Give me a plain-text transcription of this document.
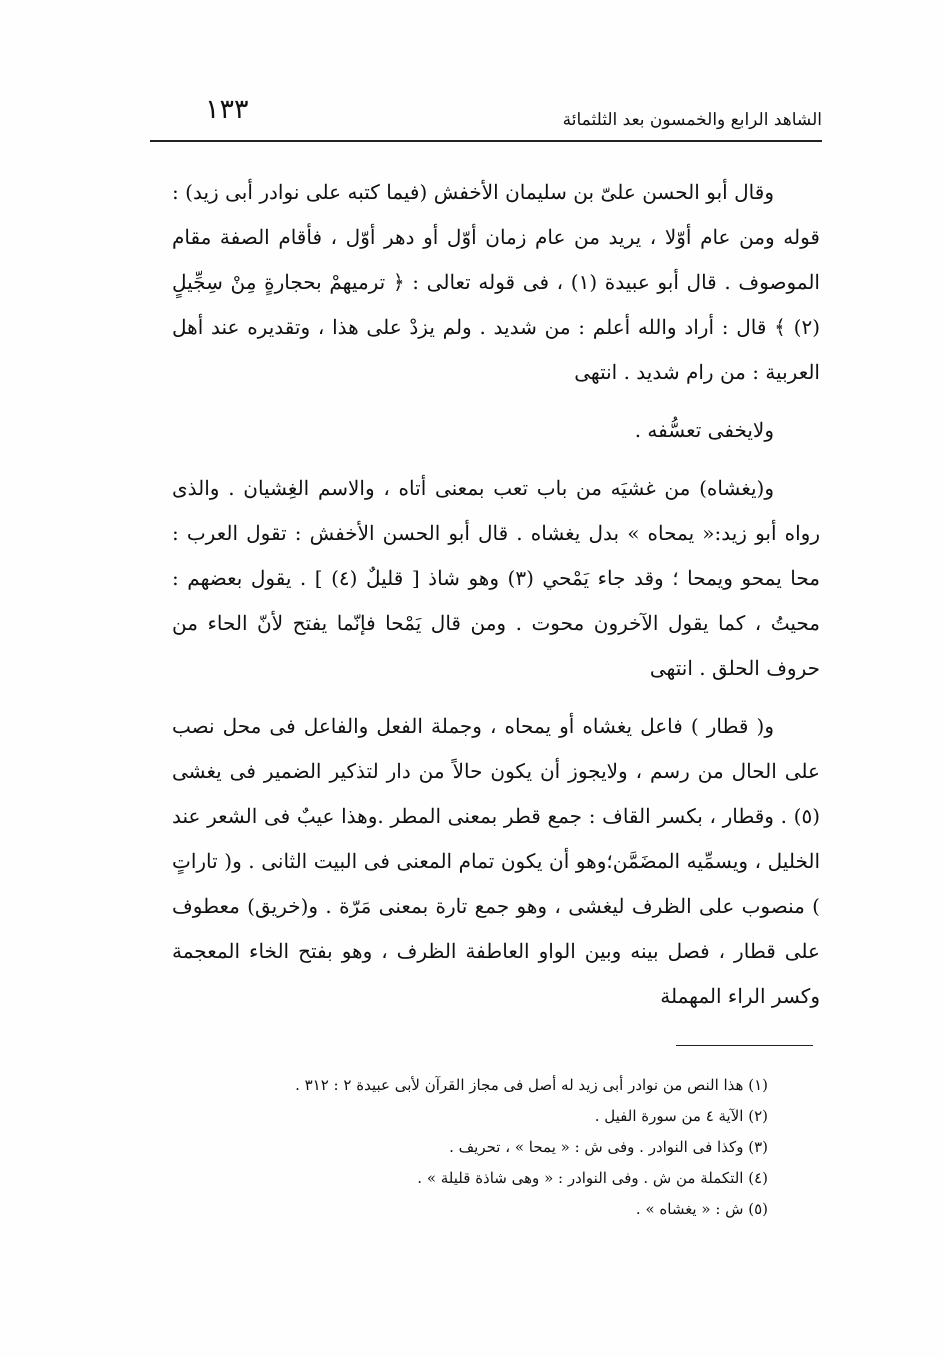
الشاهد الرابع والخمسون بعد الثلثمائة
١٣٣

وقال أبو الحسن علىّ بن سليمان الأخفش (فيما كتبه على نوادر أبى زيد) : قوله ومن عام أوّلا ، يريد من عام زمان أوّل أو دهر أوّل ، فأقام الصفة مقام الموصوف . قال أبو عبيدة (١) ، فى قوله تعالى : ﴿ ترميهمْ بحجارةٍ مِنْ سِجِّيلٍ (٢) ﴾ قال : أراد والله أعلم : من شديد . ولم يزدْ على هذا ، وتقديره عند أهل العربية : من رام شديد . انتهى

ولايخفى تعسُّفه .

و(يغشاه) من غشيَه من باب تعب بمعنى أتاه ، والاسم الغِشيان . والذى رواه أبو زيد:« يمحاه » بدل يغشاه . قال أبو الحسن الأخفش : تقول العرب : محا يمحو ويمحا ؛ وقد جاء يَمْحي (٣) وهو شاذ [ قليلٌ (٤) ] . يقول بعضهم : محيتُ ، كما يقول الآخرون محوت . ومن قال يَمْحا فإنّما يفتح لأنّ الحاء من حروف الحلق . انتهى

و( قطار ) فاعل يغشاه أو يمحاه ، وجملة الفعل والفاعل فى محل نصب على الحال من رسم ، ولايجوز أن يكون حالاً من دار لتذكير الضمير فى يغشى (٥) . وقطار ، بكسر القاف : جمع قطر بمعنى المطر .وهذا عيبٌ فى الشعر عند الخليل ، ويسمِّيه المضَمَّن؛وهو أن يكون تمام المعنى فى البيت الثانى . و( تاراتٍ ) منصوب على الظرف ليغشى ، وهو جمع تارة بمعنى مَرّة . و(خريق) معطوف على قطار ، فصل بينه وبين الواو العاطفة الظرف ، وهو بفتح الخاء المعجمة وكسر الراء المهملة

(١) هذا النص من نوادر أبى زيد له أصل فى مجاز القرآن لأبى عبيدة ٢ : ٣١٢ .
(٢) الآية ٤ من سورة الفيل .
(٣) وكذا فى النوادر . وفى ش : « يمحا » ، تحريف .
(٤) التكملة من ش . وفى النوادر : « وهى شاذة قليلة » .
(٥) ش : « يغشاه » .
